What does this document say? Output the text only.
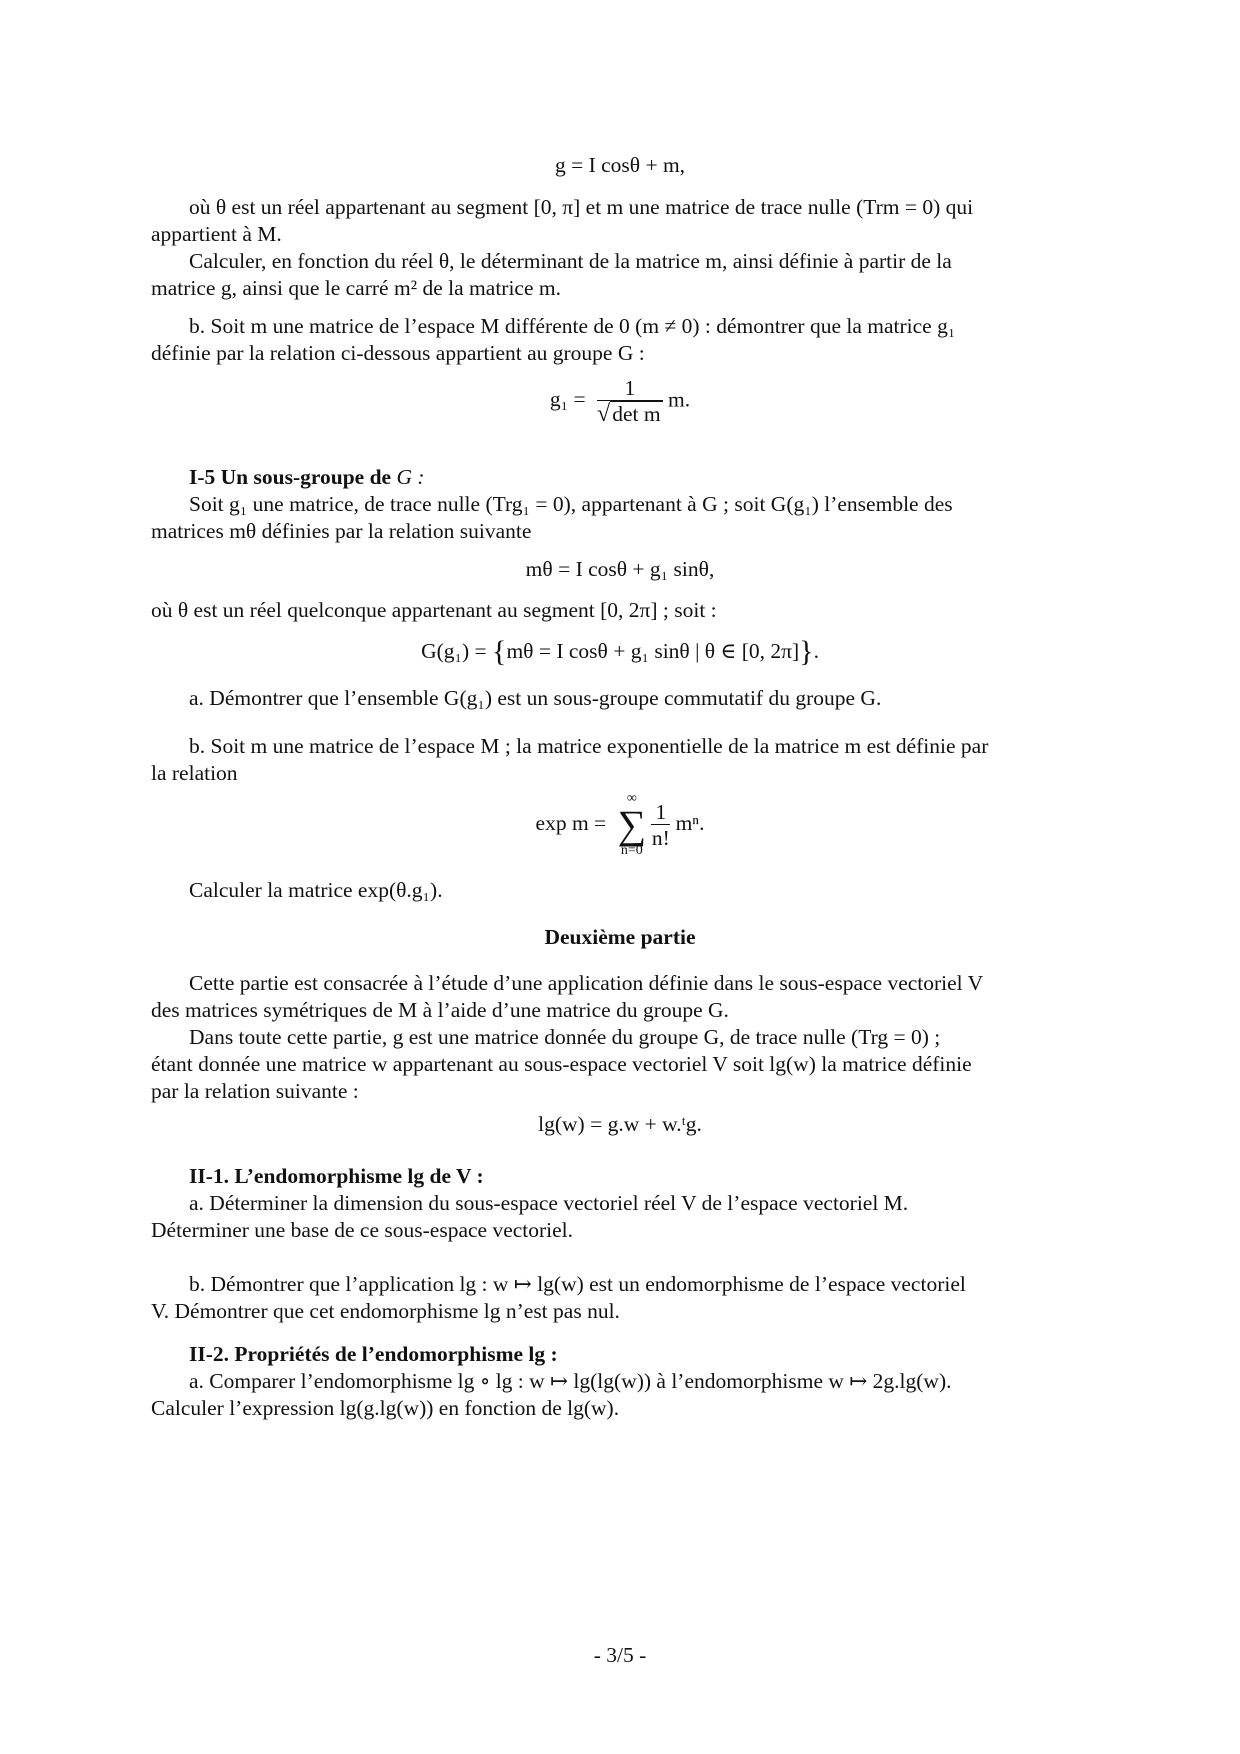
g = I cosθ + m,

où θ est un réel appartenant au segment [0, π] et m une matrice de trace nulle (Trm = 0) qui

appartient à M.

Calculer, en fonction du réel θ, le déterminant de la matrice m, ainsi définie à partir de la

matrice g, ainsi que le carré m² de la matrice m.

b. Soit m une matrice de l’espace M différente de 0 (m ≠ 0) : démontrer que la matrice g₁

définie par la relation ci-dessous appartient au groupe G :

$g_1 = \frac{1}{\text{√det m}} m$.

I-5 Un sous-groupe de G :

Soit g₁ une matrice, de trace nulle (Trg₁ = 0), appartenant à G ; soit G(g₁) l’ensemble des

matrices mθ définies par la relation suivante

mθ = I cosθ + g₁ sinθ,

où θ est un réel quelconque appartenant au segment [0, 2π] ; soit :

G(g₁) = {mθ = I cosθ + g₁ sinθ | θ ∈ [0, 2π]}.

a. Démontrer que l’ensemble G(g₁) est un sous-groupe commutatif du groupe G.

b. Soit m une matrice de l’espace M ; la matrice exponentielle de la matrice m est définie par

la relation

exp m =
∞
∑
n=0
$\frac{1}{n!} m^n$.

Calculer la matrice exp(θ.g₁).

Deuxième partie

Cette partie est consacrée à l’étude d’une application définie dans le sous-espace vectoriel V

des matrices symétriques de M à l’aide d’une matrice du groupe G.

Dans toute cette partie, g est une matrice donnée du groupe G, de trace nulle (Trg = 0) ;

étant donnée une matrice w appartenant au sous-espace vectoriel V soit lg(w) la matrice définie

par la relation suivante :

lg(w) = g.w + w.ᵗg.

II-1. L’endomorphisme lg de V :

a. Déterminer la dimension du sous-espace vectoriel réel V de l’espace vectoriel M.

Déterminer une base de ce sous-espace vectoriel.

b. Démontrer que l’application lg : w ↦ lg(w) est un endomorphisme de l’espace vectoriel

V. Démontrer que cet endomorphisme lg n’est pas nul.

II-2. Propriétés de l’endomorphisme lg :

a. Comparer l’endomorphisme lg ∘ lg : w ↦ lg(lg(w)) à l’endomorphisme w ↦ 2g.lg(w).

Calculer l’expression lg(g.lg(w)) en fonction de lg(w).

- 3/5 -
